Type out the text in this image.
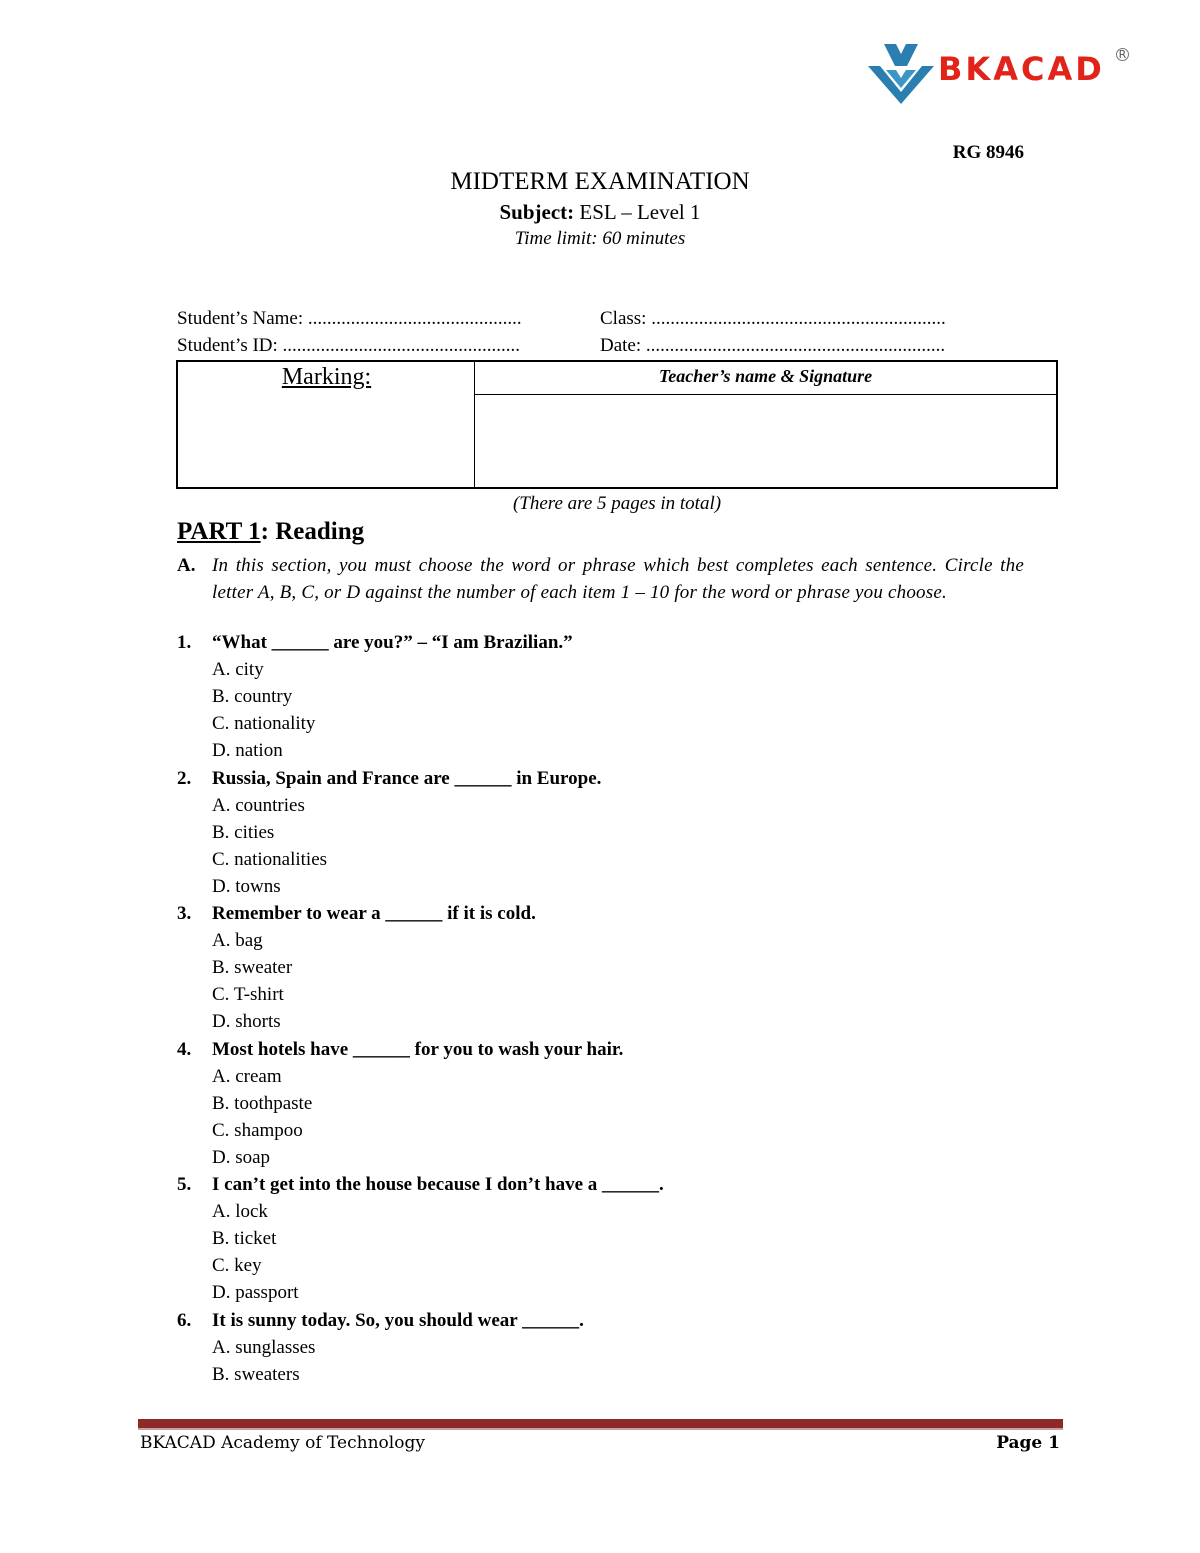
BKACAD R
RG 8946
MIDTERM EXAMINATION
Subject: ESL – Level 1
Time limit: 60 minutes
Student’s Name: .............................................	Class: ..............................................................
Student’s ID: ..................................................	Date: ...............................................................
Marking:	Teacher’s name & Signature
(There are 5 pages in total)
PART 1: Reading
A. In this section, you must choose the word or phrase which best completes each sentence. Circle the letter A, B, C, or D against the number of each item 1 – 10 for the word or phrase you choose.
1. “What ______ are you?” – “I am Brazilian.”
A. city
B. country
C. nationality
D. nation
2. Russia, Spain and France are ______ in Europe.
A. countries
B. cities
C. nationalities
D. towns
3. Remember to wear a ______ if it is cold.
A. bag
B. sweater
C. T-shirt
D. shorts
4. Most hotels have ______ for you to wash your hair.
A. cream
B. toothpaste
C. shampoo
D. soap
5. I can’t get into the house because I don’t have a ______.
A. lock
B. ticket
C. key
D. passport
6. It is sunny today. So, you should wear ______.
A. sunglasses
B. sweaters
BKACAD Academy of Technology	Page 1
